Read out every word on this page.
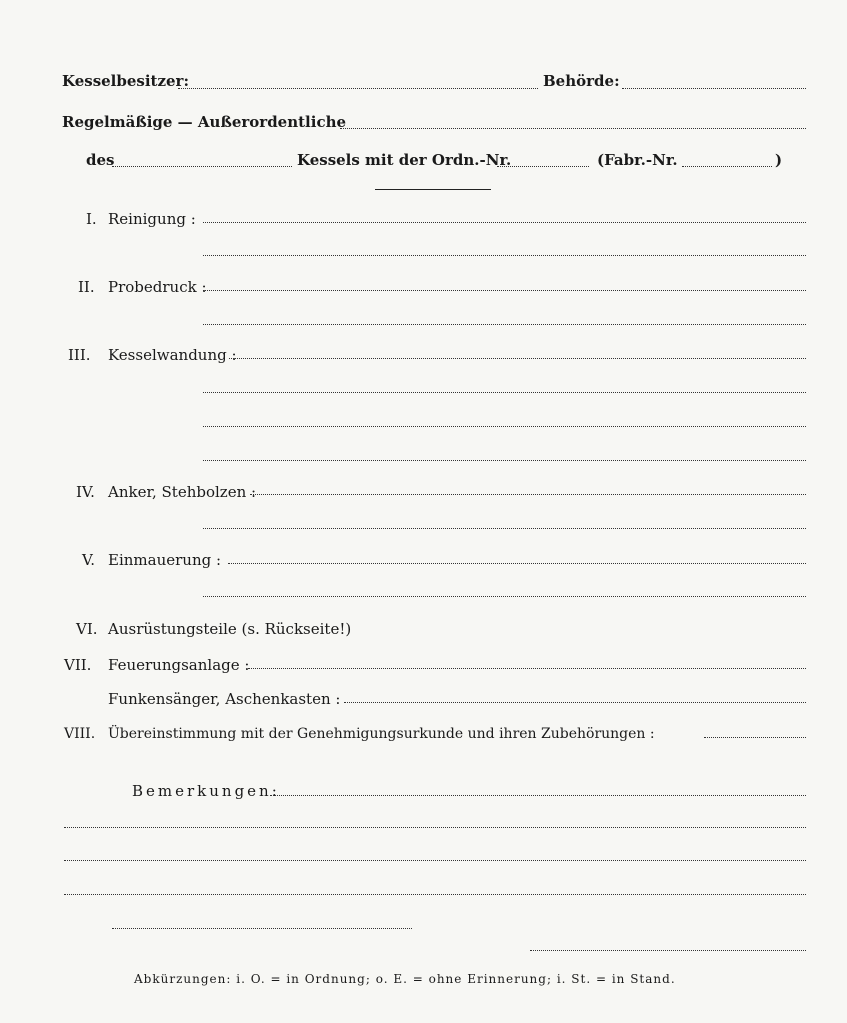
Kesselbesitzer:	Behörde:
Regelmäßige — Außerordentliche
des	Kessels mit der Ordn.-Nr.	(Fabr.-Nr.	)
I. Reinigung :
II. Probedruck :
III. Kesselwandung :
IV. Anker, Stehbolzen :
V. Einmauerung :
VI. Ausrüstungsteile (s. Rückseite!)
VII. Feuerungsanlage :
Funkensänger, Aschenkasten :
VIII. Übereinstimmung mit der Genehmigungsurkunde und ihren Zubehörungen :
Bemerkungen:
Abkürzungen: i. O. = in Ordnung; o. E. = ohne Erinnerung; i. St. = in Stand.
